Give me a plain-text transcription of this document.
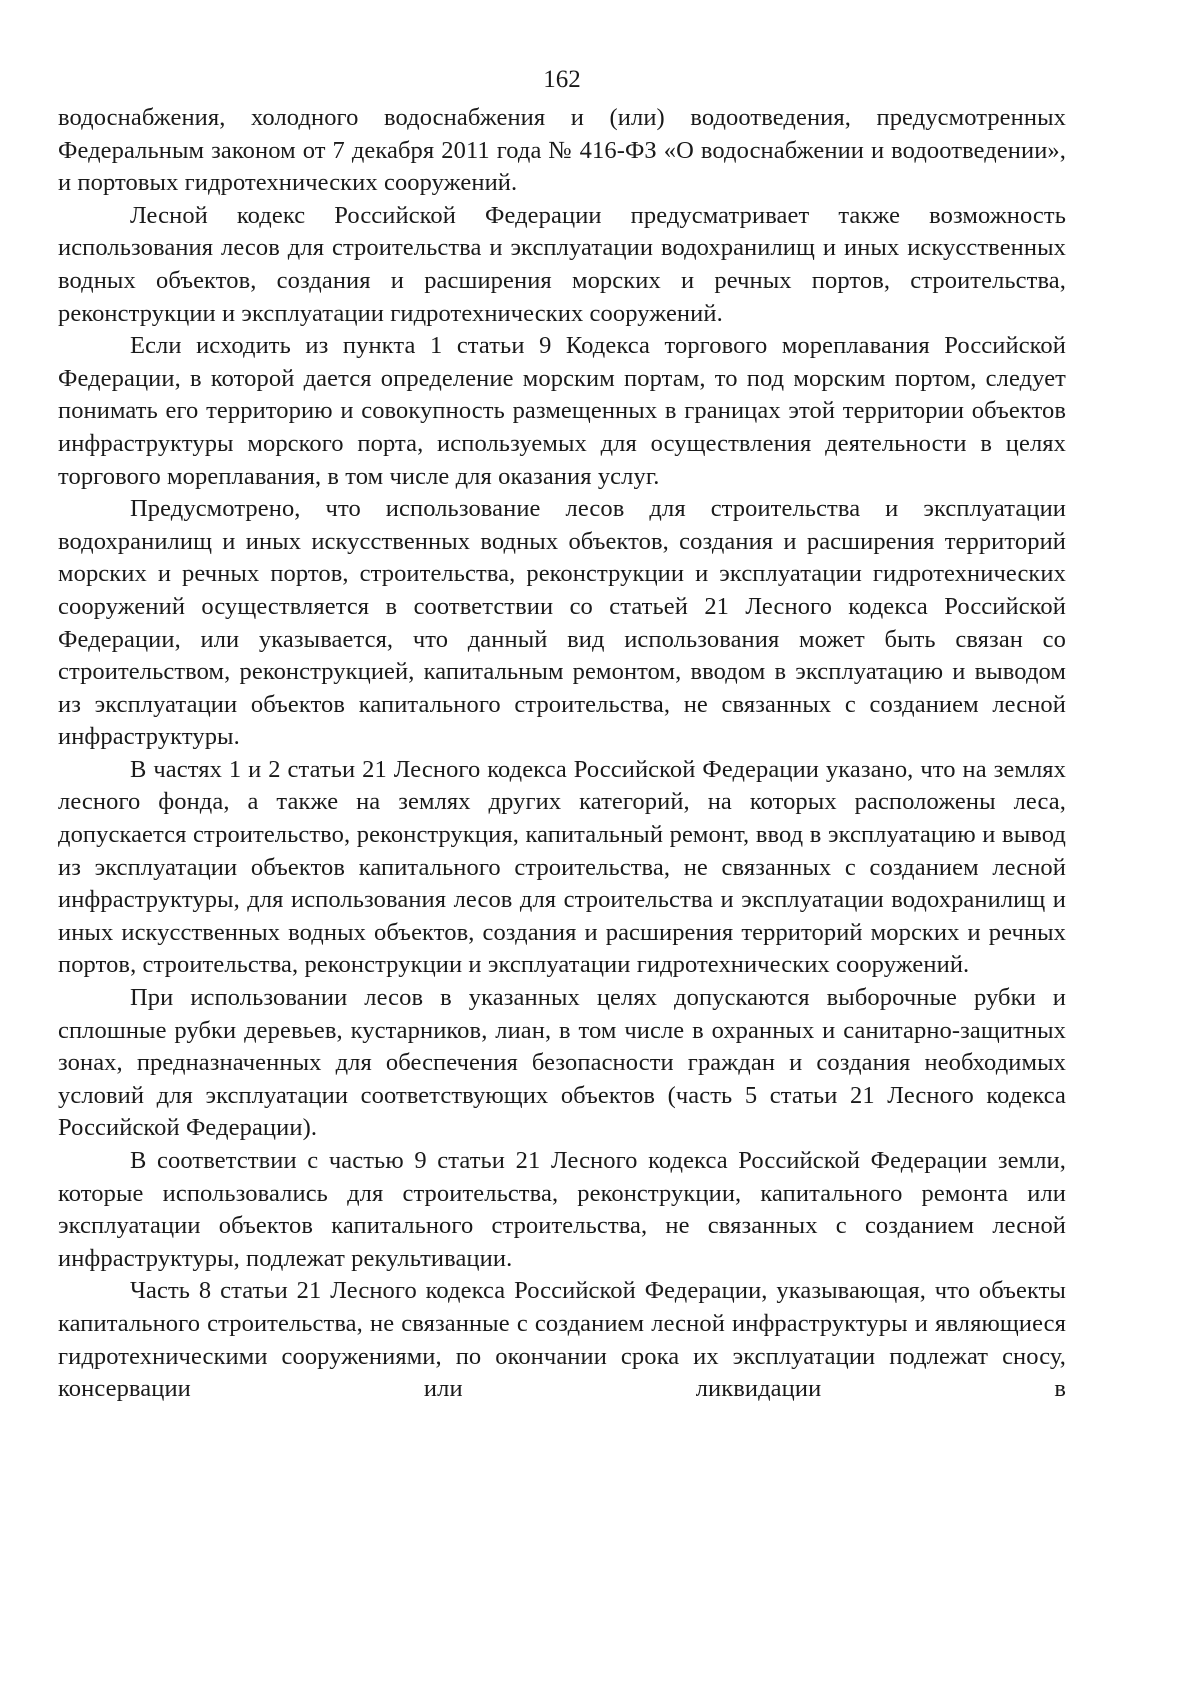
162

водоснабжения, холодного водоснабжения и (или) водоотведения, предусмотренных Федеральным законом от 7 декабря 2011 года № 416-ФЗ «О водоснабжении и водоотведении», и портовых гидротехнических сооружений.

Лесной кодекс Российской Федерации предусматривает также возможность использования лесов для строительства и эксплуатации водохранилищ и иных искусственных водных объектов, создания и расширения морских и речных портов, строительства, реконструкции и эксплуатации гидротехнических сооружений.

Если исходить из пункта 1 статьи 9 Кодекса торгового мореплавания Российской Федерации, в которой дается определение морским портам, то под морским портом, следует понимать его территорию и совокупность размещенных в границах этой территории объектов инфраструктуры морского порта, используемых для осуществления деятельности в целях торгового мореплавания, в том числе для оказания услуг.

Предусмотрено, что использование лесов для строительства и эксплуатации водохранилищ и иных искусственных водных объектов, создания и расширения территорий морских и речных портов, строительства, реконструкции и эксплуатации гидротехнических сооружений осуществляется в соответствии со статьей 21 Лесного кодекса Российской Федерации, или указывается, что данный вид использования может быть связан со строительством, реконструкцией, капитальным ремонтом, вводом в эксплуатацию и выводом из эксплуатации объектов капитального строительства, не связанных с созданием лесной инфраструктуры.

В частях 1 и 2 статьи 21 Лесного кодекса Российской Федерации указано, что на землях лесного фонда, а также на землях других категорий, на которых расположены леса, допускается строительство, реконструкция, капитальный ремонт, ввод в эксплуатацию и вывод из эксплуатации объектов капитального строительства, не связанных с созданием лесной инфраструктуры, для использования лесов для строительства и эксплуатации водохранилищ и иных искусственных водных объектов, создания и расширения территорий морских и речных портов, строительства, реконструкции и эксплуатации гидротехнических сооружений.

При использовании лесов в указанных целях допускаются выборочные рубки и сплошные рубки деревьев, кустарников, лиан, в том числе в охранных и санитарно-защитных зонах, предназначенных для обеспечения безопасности граждан и создания необходимых условий для эксплуатации соответствующих объектов (часть 5 статьи 21 Лесного кодекса Российской Федерации).

В соответствии с частью 9 статьи 21 Лесного кодекса Российской Федерации земли, которые использовались для строительства, реконструкции, капитального ремонта или эксплуатации объектов капитального строительства, не связанных с созданием лесной инфраструктуры, подлежат рекультивации.

Часть 8 статьи 21 Лесного кодекса Российской Федерации, указывающая, что объекты капитального строительства, не связанные с созданием лесной инфраструктуры и являющиеся гидротехническими сооружениями, по окончании срока их эксплуатации подлежат сносу, консервации или ликвидации в
